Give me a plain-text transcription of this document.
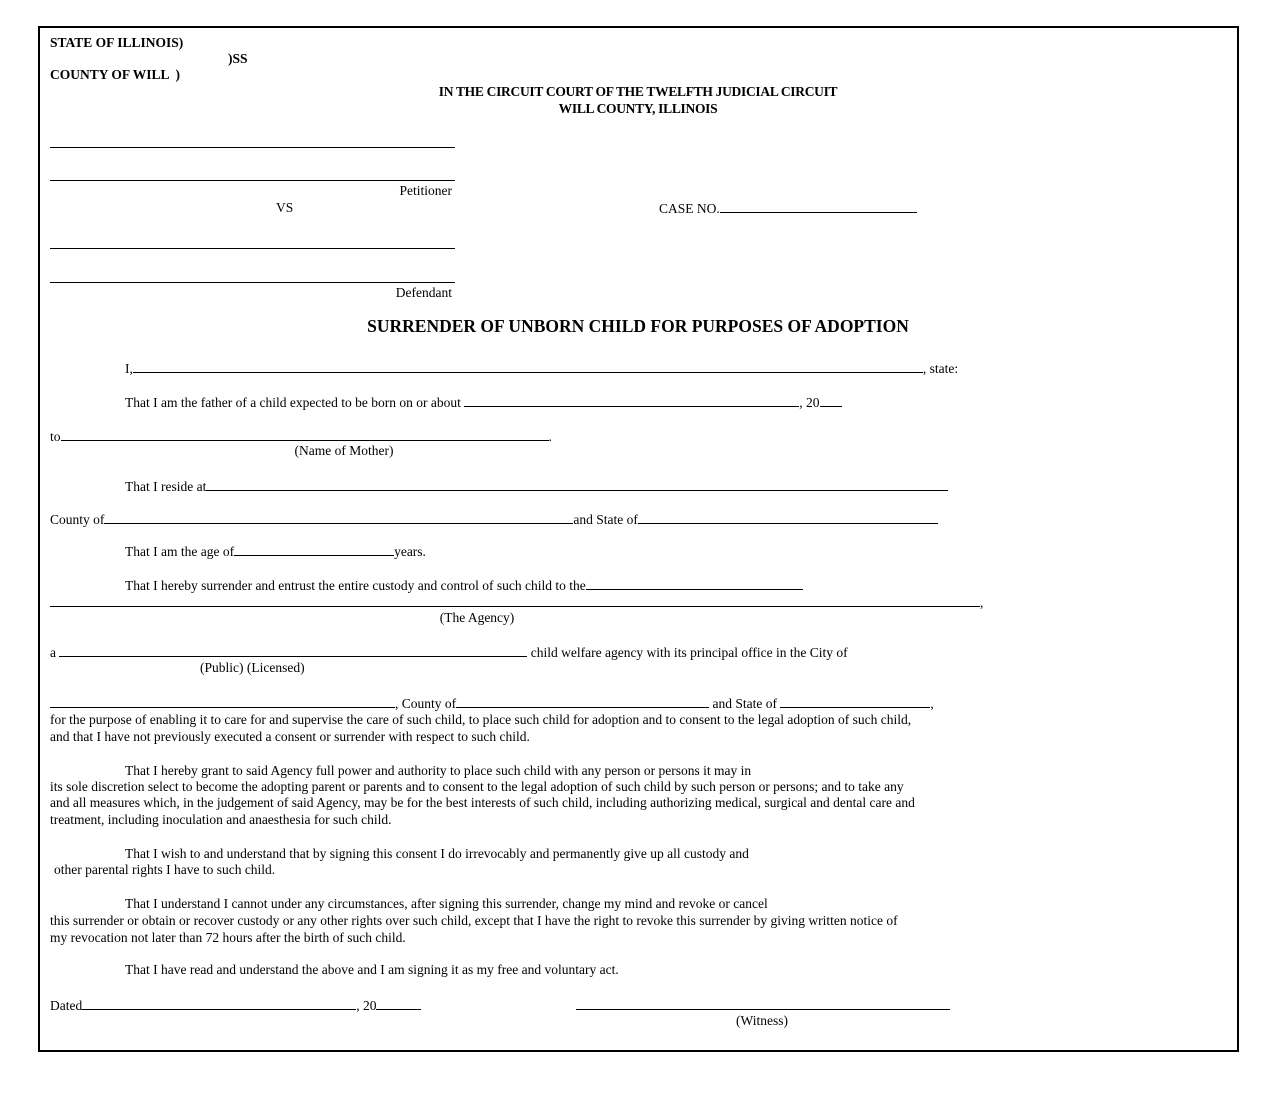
STATE OF ILLINOIS)
)SS
COUNTY OF WILL  )
IN THE CIRCUIT COURT OF THE TWELFTH JUDICIAL CIRCUIT
WILL COUNTY, ILLINOIS
Petitioner
VS	CASE NO.
Defendant
SURRENDER OF UNBORN CHILD FOR PURPOSES OF ADOPTION
I,	, state:
That I am the father of a child expected to be born on or about	, 20
to	.
(Name of Mother)
That I reside at
County of	and State of
That I am the age of	years.
That I hereby surrender and entrust the entire custody and control of such child to the
,
(The Agency)
a	child welfare agency with its principal office in the City of
(Public) (Licensed)
, County of	and State of	,
for the purpose of enabling it to care for and supervise the care of such child, to place such child for adoption and to consent to the legal adoption of such child,
and that I have not previously executed a consent or surrender with respect to such child.
That I hereby grant to said Agency full power and authority to place such child with any person or persons it may in
its sole discretion select to become the adopting parent or parents and to consent to the legal adoption of such child by such person or persons; and to take any
and all measures which, in the judgement of said Agency, may be for the best interests of such child, including authorizing medical, surgical and dental care and
treatment, including inoculation and anaesthesia for such child.
That I wish to and understand that by signing this consent I do irrevocably and permanently give up all custody and
other parental rights I have to such child.
That I understand I cannot under any circumstances, after signing this surrender, change my mind and revoke or cancel
this surrender or obtain or recover custody or any other rights over such child, except that I have the right to revoke this surrender by giving written notice of
my revocation not later than 72 hours after the birth of such child.
That I have read and understand the above and I am signing it as my free and voluntary act.
Dated	, 20
(Witness)
